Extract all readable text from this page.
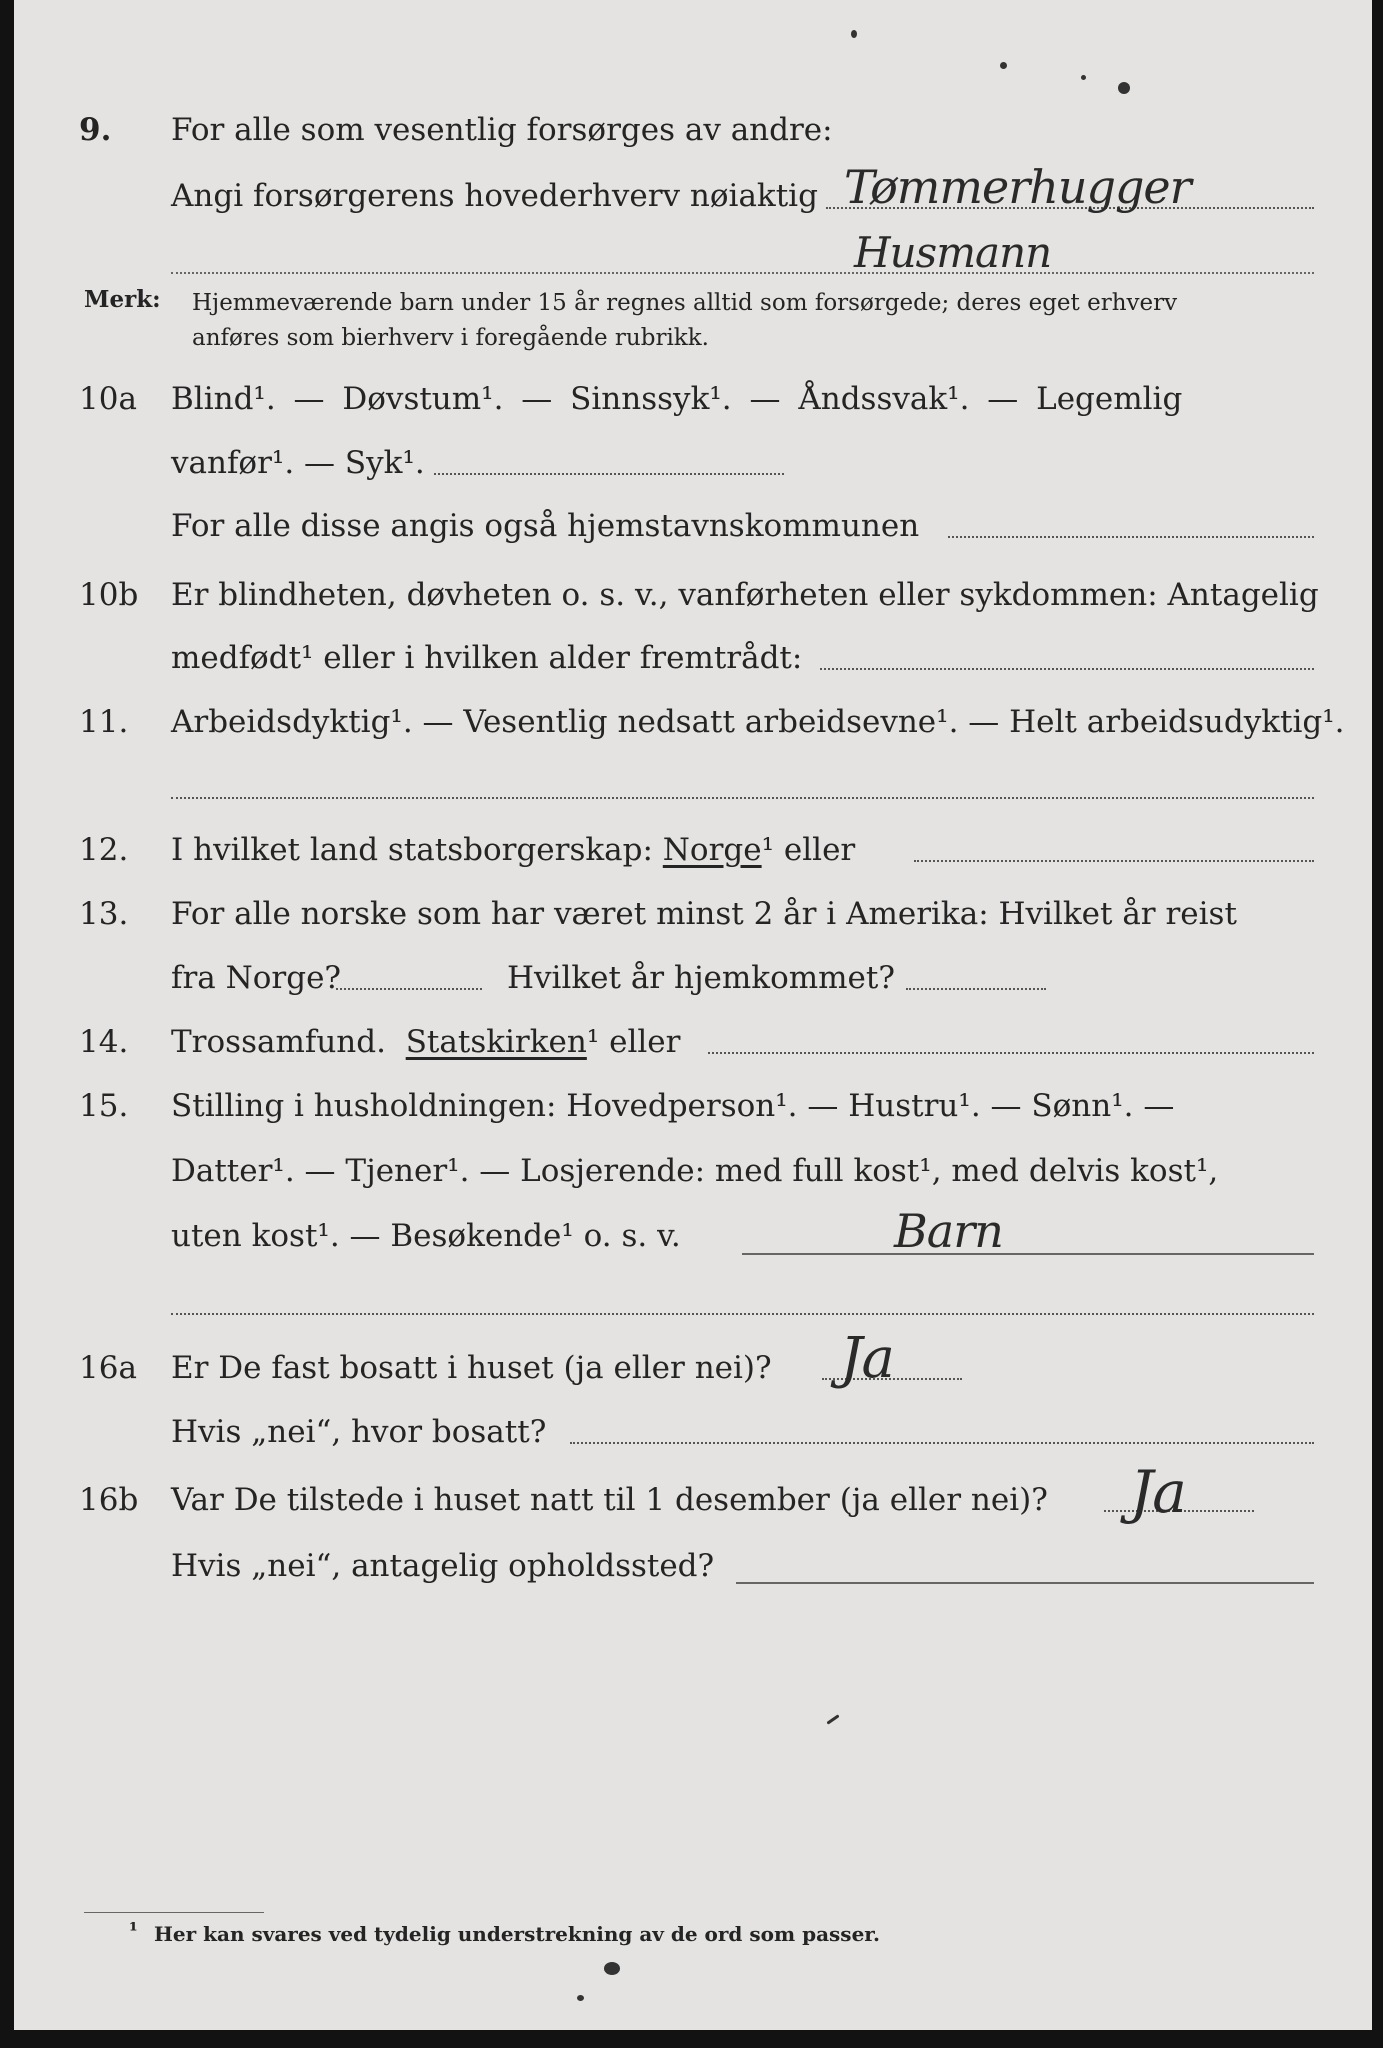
9. For alle som vesentlig forsørges av andre:
Angi forsørgerens hovederhverv nøiaktig Tømmerhugger
Husmann
Merk: Hjemmeværende barn under 15 år regnes alltid som forsørgede; deres eget erhverv
anføres som bierhverv i foregående rubrikk.
10a Blind¹. — Døvstum¹. — Sinnssyk¹. — Åndssvak¹. — Legemlig
vanfør¹. — Syk¹.
For alle disse angis også hjemstavnskommunen
10b Er blindheten, døvheten o. s. v., vanførheten eller sykdommen: Antagelig
medfødt¹ eller i hvilken alder fremtrådt:
11. Arbeidsdyktig¹. — Vesentlig nedsatt arbeidsevne¹. — Helt arbeidsudyktig¹.
12. I hvilket land statsborgerskap: Norge¹ eller
13. For alle norske som har været minst 2 år i Amerika: Hvilket år reist
fra Norge?	Hvilket år hjemkommet?
14. Trossamfund. Statskirken¹ eller
15. Stilling i husholdningen: Hovedperson¹. — Hustru¹. — Sønn¹. —
Datter¹. — Tjener¹. — Losjerende: med full kost¹, med delvis kost¹,
uten kost¹. — Besøkende¹ o. s. v.	Barn
16a Er De fast bosatt i huset (ja eller nei)? Ja
Hvis „nei“, hvor bosatt?
16b Var De tilstede i huset natt til 1 desember (ja eller nei)? Ja
Hvis „nei“, antagelig opholdssted?
¹ Her kan svares ved tydelig understrekning av de ord som passer.
